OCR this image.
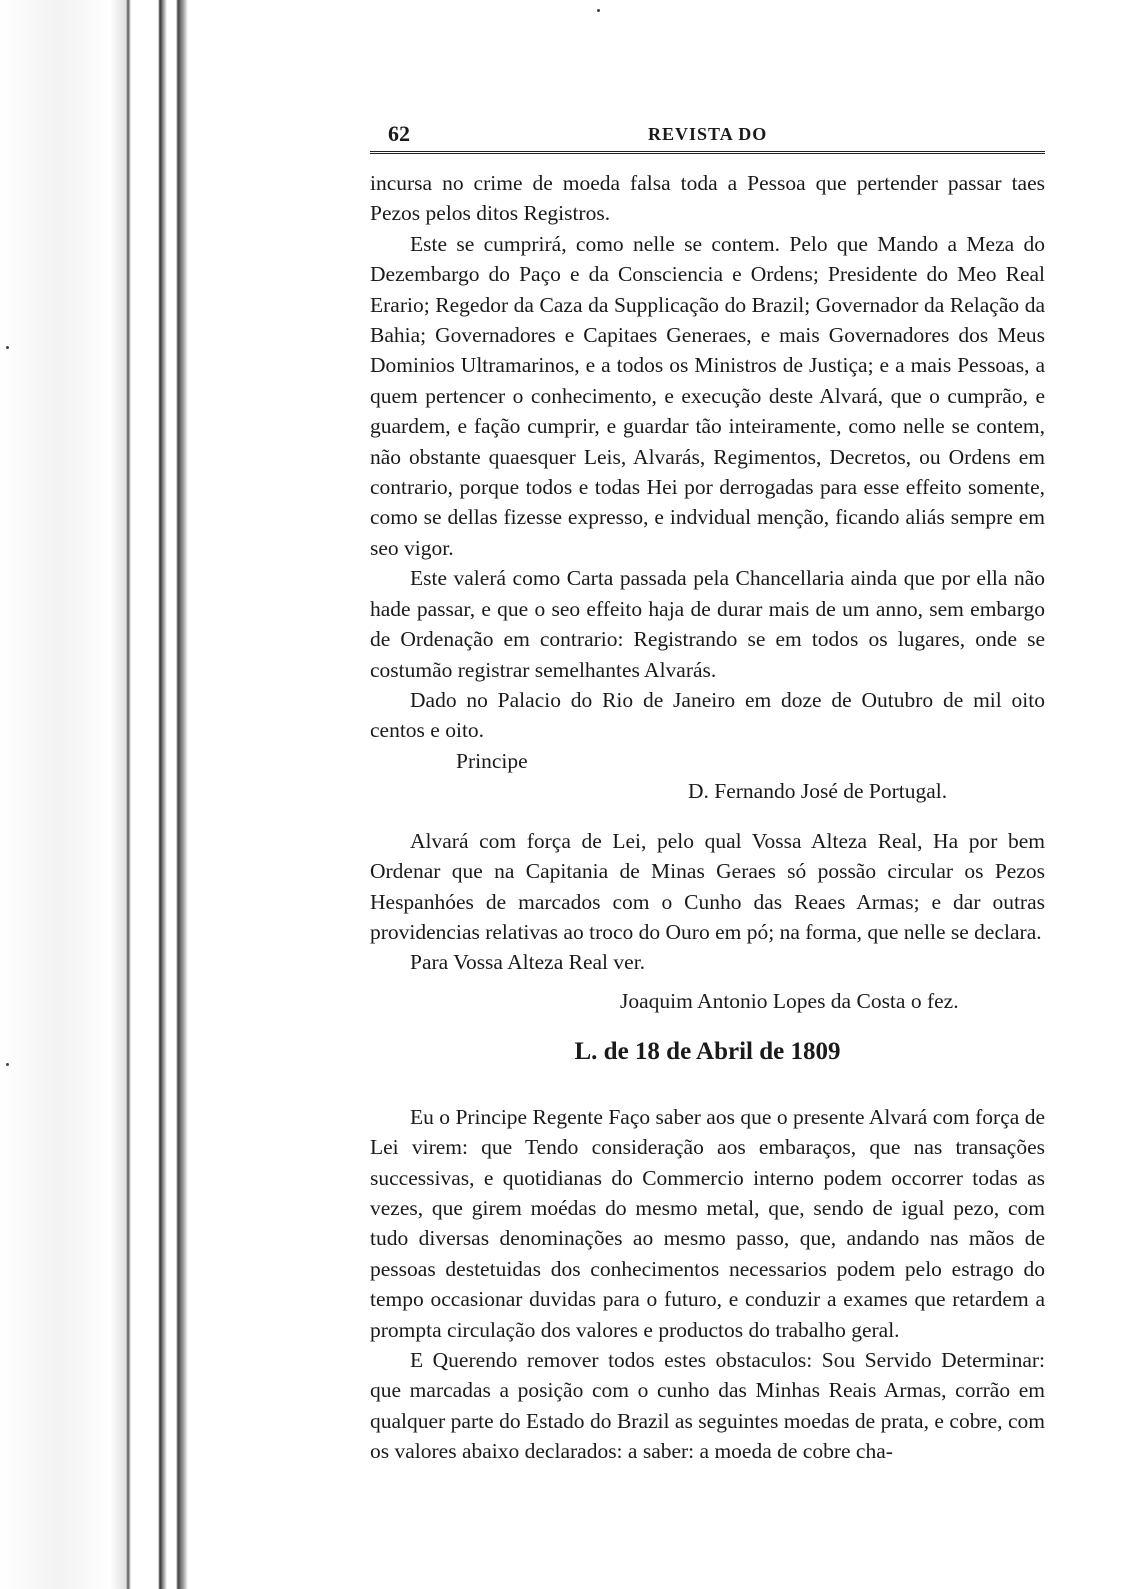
62	REVISTA DO

incursa no crime de moeda falsa toda a Pessoa que pertender passar taes Pezos pelos ditos Registros.

Este se cumprirá, como nelle se contem. Pelo que Mando a Meza do Dezembargo do Paço e da Consciencia e Ordens; Presidente do Meo Real Erario; Regedor da Caza da Supplicação do Brazil; Governador da Relação da Bahia; Governadores e Capitaes Generaes, e mais Governadores dos Meus Dominios Ultramarinos, e a todos os Ministros de Justiça; e a mais Pessoas, a quem pertencer o conhecimento, e execução deste Alvará, que o cumprão, e guardem, e fação cumprir, e guardar tão inteiramente, como nelle se contem, não obstante quaesquer Leis, Alvarás, Regimentos, Decretos, ou Ordens em contrario, porque todos e todas Hei por derrogadas para esse effeito somente, como se dellas fizesse expresso, e indvidual menção, ficando aliás sempre em seo vigor.

Este valerá como Carta passada pela Chancellaria ainda que por ella não hade passar, e que o seo effeito haja de durar mais de um anno, sem embargo de Ordenação em contrario: Registrando se em todos os lugares, onde se costumão registrar semelhantes Alvarás.

Dado no Palacio do Rio de Janeiro em doze de Outubro de mil oito centos e oito.

Principe

D. Fernando José de Portugal.

Alvará com força de Lei, pelo qual Vossa Alteza Real, Ha por bem Ordenar que na Capitania de Minas Geraes só possão circular os Pezos Hespanhóes de marcados com o Cunho das Reaes Armas; e dar outras providencias relativas ao troco do Ouro em pó; na forma, que nelle se declara.

Para Vossa Alteza Real ver.

Joaquim Antonio Lopes da Costa o fez.

L. de 18 de Abril de 1809

Eu o Principe Regente Faço saber aos que o presente Alvará com força de Lei virem: que Tendo consideração aos embaraços, que nas transações successivas, e quotidianas do Commercio interno podem occorrer todas as vezes, que girem moédas do mesmo metal, que, sendo de igual pezo, com tudo diversas denominações ao mesmo passo, que, andando nas mãos de pessoas destetuidas dos conhecimentos necessarios podem pelo estrago do tempo occasionar duvidas para o futuro, e conduzir a exames que retardem a prompta circulação dos valores e productos do trabalho geral.

E Querendo remover todos estes obstaculos: Sou Servido Determinar: que marcadas a posição com o cunho das Minhas Reais Armas, corrão em qualquer parte do Estado do Brazil as seguintes moedas de prata, e cobre, com os valores abaixo declarados: a saber: a moeda de cobre cha-
